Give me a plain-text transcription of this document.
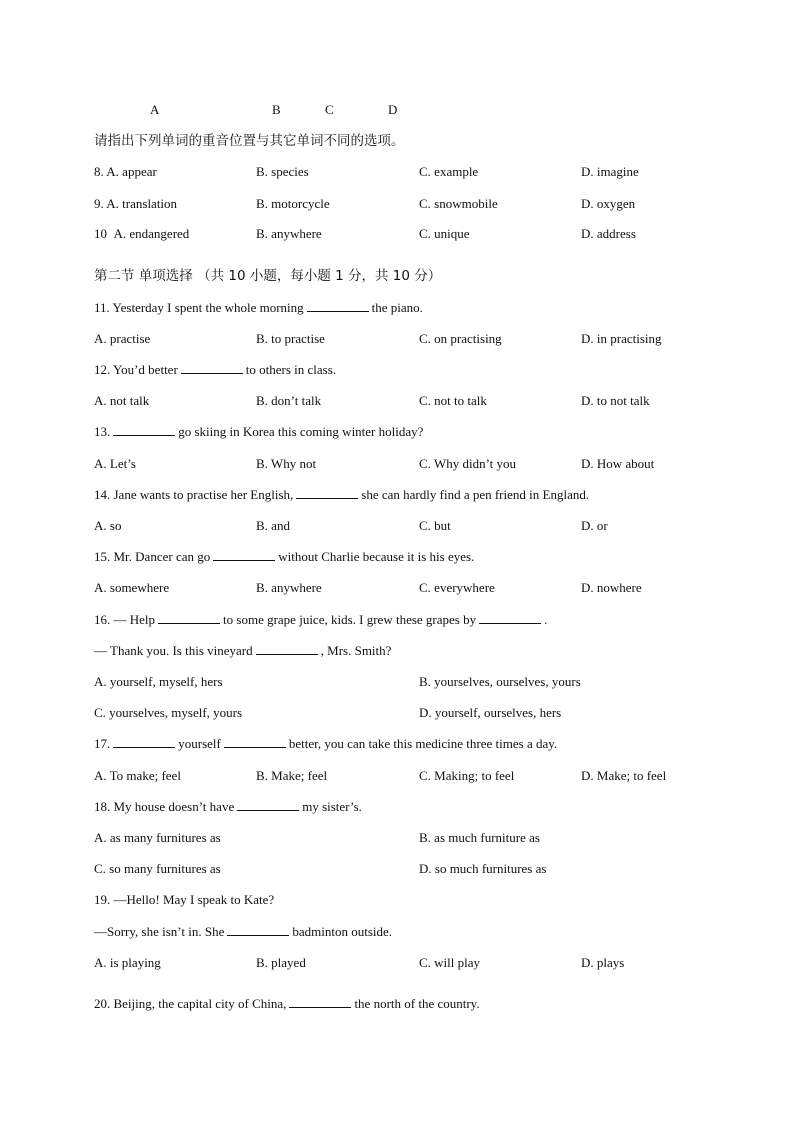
A	B	C	D
请指出下列单词的重音位置与其它单词不同的选项。
8. A. appear	B. species	C. example	D. imagine
9. A. translation	B. motorcycle	C. snowmobile	D. oxygen
10 A. endangered	B. anywhere	C. unique	D. address
第二节 单项选择 （共 10 小题，每小题 1 分，共 10 分）
11. Yesterday I spent the whole morning	the piano.
A. practise	B. to practise	C. on practising	D. in practising
12. You’d better	to others in class.
A. not talk	B. don’t talk	C. not to talk	D. to not talk
13.	go skiing in Korea this coming winter holiday?
A. Let’s	B. Why not	C. Why didn’t you	D. How about
14. Jane wants to practise her English,	she can hardly find a pen friend in England.
A. so	B. and	C. but	D. or
15. Mr. Dancer can go	without Charlie because it is his eyes.
A. somewhere	B. anywhere	C. everywhere	D. nowhere
16. — Help	to some grape juice, kids. I grew these grapes by	.
— Thank you. Is this vineyard	, Mrs. Smith?
A. yourself, myself, hers	B. yourselves, ourselves, yours
C. yourselves, myself, yours	D. yourself, ourselves, hers
17.	yourself	better, you can take this medicine three times a day.
A. To make; feel	B. Make; feel	C. Making; to feel	D. Make; to feel
18. My house doesn’t have	my sister’s.
A. as many furnitures as	B. as much furniture as
C. so many furnitures as	D. so much furnitures as
19. —Hello! May I speak to Kate?
—Sorry, she isn’t in. She	badminton outside.
A. is playing	B. played	C. will play	D. plays
20. Beijing, the capital city of China,	the north of the country.
